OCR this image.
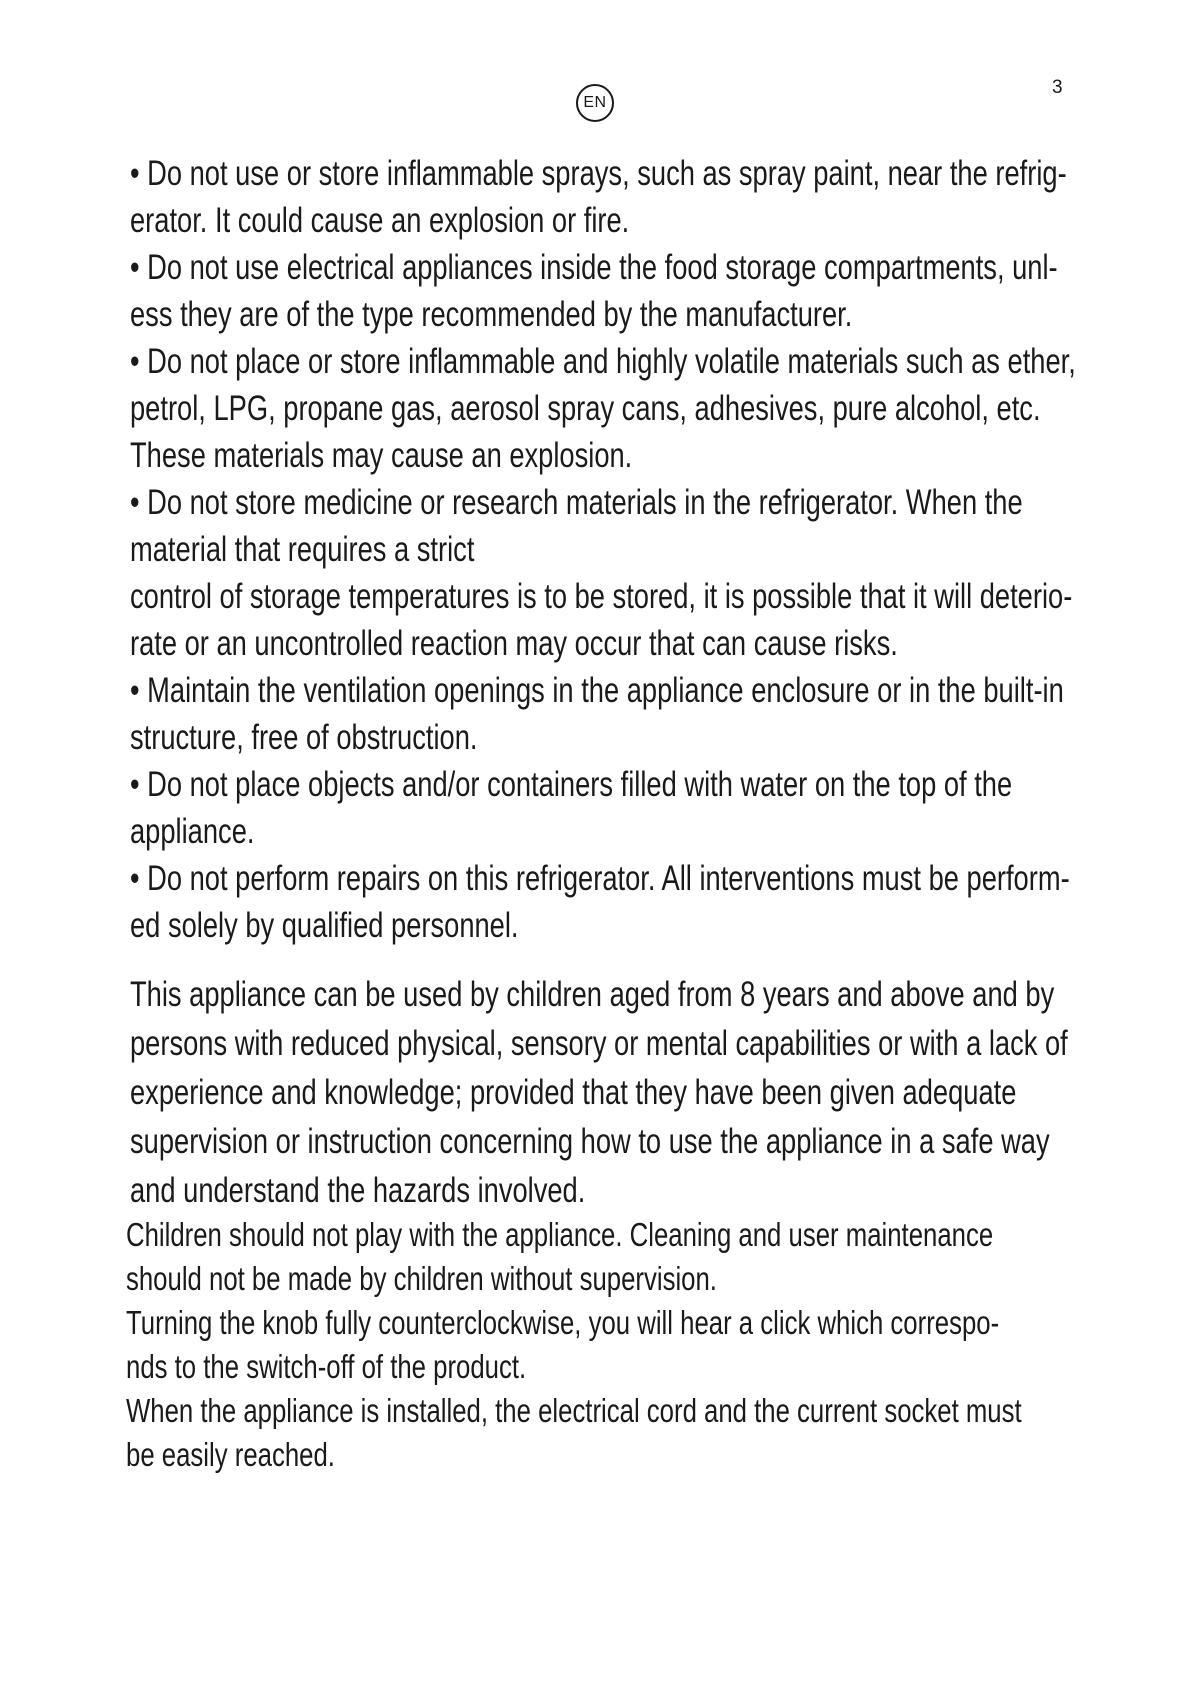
3
EN
• Do not use or store inflammable sprays, such as spray paint, near the refrig-
erator. It could cause an explosion or fire.
• Do not use electrical appliances inside the food storage compartments, unl-
ess they are of the type recommended by the manufacturer.
• Do not place or store inflammable and highly volatile materials such as ether,
petrol, LPG, propane gas, aerosol spray cans, adhesives, pure alcohol, etc.
These materials may cause an explosion.
• Do not store medicine or research materials in the refrigerator. When the
material that requires a strict
control of storage temperatures is to be stored, it is possible that it will deterio-
rate or an uncontrolled reaction may occur that can cause risks.
• Maintain the ventilation openings in the appliance enclosure or in the built-in
structure, free of obstruction.
• Do not place objects and/or containers filled with water on the top of the
appliance.
• Do not perform repairs on this refrigerator. All interventions must be perform-
ed solely by qualified personnel.
This appliance can be used by children aged from 8 years and above and by
persons with reduced physical, sensory or mental capabilities or with a lack of
experience and knowledge; provided that they have been given adequate
supervision or instruction concerning how to use the appliance in a safe way
and understand the hazards involved.
Children should not play with the appliance. Cleaning and user maintenance
should not be made by children without supervision.
Turning the knob fully counterclockwise, you will hear a click which correspo-
nds to the switch-off of the product.
When the appliance is installed, the electrical cord and the current socket must
be easily reached.
